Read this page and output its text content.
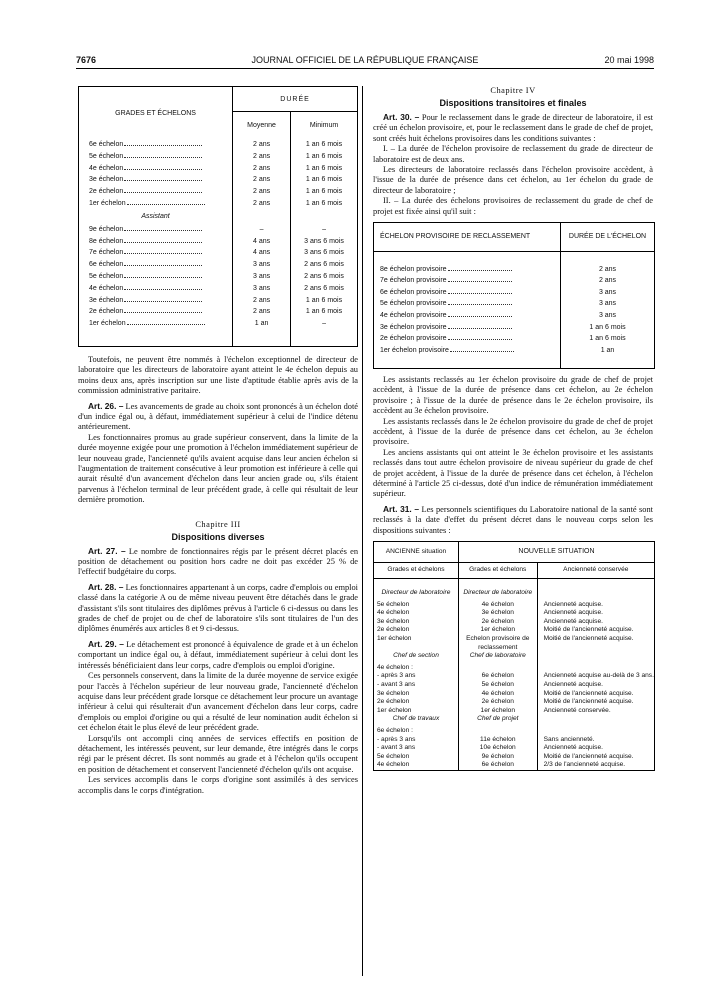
7676	JOURNAL OFFICIEL DE LA RÉPUBLIQUE FRANÇAISE	20 mai 1998
GRADES ET ÉCHELONS	DURÉE	
	Moyenne	Minimum
6e échelon	2 ans	1 an 6 mois
5e échelon	2 ans	1 an 6 mois
4e échelon	2 ans	1 an 6 mois
3e échelon	2 ans	1 an 6 mois
2e échelon	2 ans	1 an 6 mois
1er échelon	2 ans	1 an 6 mois
Assistant		
9e échelon	–	–
8e échelon	4 ans	3 ans 6 mois
7e échelon	4 ans	3 ans 6 mois
6e échelon	3 ans	2 ans 6 mois
5e échelon	3 ans	2 ans 6 mois
4e échelon	3 ans	2 ans 6 mois
3e échelon	2 ans	1 an 6 mois
2e échelon	2 ans	1 an 6 mois
1er échelon	1 an	–

Toutefois, ne peuvent être nommés à l'échelon exceptionnel de directeur de laboratoire que les directeurs de laboratoire ayant atteint le 4e échelon depuis au moins deux ans, après inscription sur une liste d'aptitude établie après avis de la commission administrative paritaire.

Art. 26. – Les avancements de grade au choix sont prononcés à un échelon doté d'un indice égal ou, à défaut, immédiatement supérieur à celui de l'indice détenu antérieurement.

Les fonctionnaires promus au grade supérieur conservent, dans la limite de la durée moyenne exigée pour une promotion à l'échelon immédiatement supérieur de leur nouveau grade, l'ancienneté qu'ils avaient acquise dans leur ancien échelon si l'augmentation de traitement consécutive à leur promotion est inférieure à celle qui aurait résulté d'un avancement d'échelon dans leur ancien grade ou, s'ils étaient parvenus à l'échelon terminal de leur précédent grade, à celle qui résultait de leur dernière promotion.

Chapitre III
Dispositions diverses

Art. 27. – Le nombre de fonctionnaires régis par le présent décret placés en position de détachement ou position hors cadre ne doit pas excéder 25 % de l'effectif budgétaire du corps.

Art. 28. – Les fonctionnaires appartenant à un corps, cadre d'emplois ou emploi classé dans la catégorie A ou de même niveau peuvent être détachés dans le grade d'assistant s'ils sont titulaires des diplômes prévus à l'article 6 ci-dessus ou dans les grades de chef de projet ou de chef de laboratoire s'ils sont titulaires de l'un des diplômes énumérés aux articles 8 et 9 ci-dessus.

Art. 29. – Le détachement est prononcé à équivalence de grade et à un échelon comportant un indice égal ou, à défaut, immédiatement supérieur à celui dont les intéressés bénéficiaient dans leur corps, cadre d'emplois ou emploi d'origine.

Ces personnels conservent, dans la limite de la durée moyenne de service exigée pour l'accès à l'échelon supérieur de leur nouveau grade, l'ancienneté d'échelon acquise dans leur précédent grade lorsque ce détachement leur procure un avantage inférieur à celui qui résulterait d'un avancement d'échelon dans leur corps, cadre d'emplois ou emploi d'origine ou qui a résulté de leur nomination audit échelon si cet échelon était le plus élevé de leur précédent grade.

Lorsqu'ils ont accompli cinq années de services effectifs en position de détachement, les intéressés peuvent, sur leur demande, être intégrés dans le corps régi par le présent décret. Ils sont nommés au grade et à l'échelon qu'ils occupent en position de détachement et conservent l'ancienneté d'échelon qu'ils ont acquise.

Les services accomplis dans le corps d'origine sont assimilés à des services accomplis dans le corps d'intégration.

Chapitre IV
Dispositions transitoires et finales

Art. 30. – Pour le reclassement dans le grade de directeur de laboratoire, il est créé un échelon provisoire, et, pour le reclassement dans le grade de chef de projet, sont créés huit échelons provisoires dans les conditions suivantes :

I. – La durée de l'échelon provisoire de reclassement du grade de directeur de laboratoire est de deux ans.

Les directeurs de laboratoire reclassés dans l'échelon provisoire accèdent, à l'issue de la durée de présence dans cet échelon, au 1er échelon du grade de directeur de laboratoire ;

II. – La durée des échelons provisoires de reclassement du grade de chef de projet est fixée ainsi qu'il suit :

ÉCHELON PROVISOIRE DE RECLASSEMENT	DURÉE DE L'ÉCHELON

8e échelon provisoire	2 ans
7e échelon provisoire	2 ans
6e échelon provisoire	3 ans
5e échelon provisoire	3 ans
4e échelon provisoire	3 ans
3e échelon provisoire	1 an 6 mois
2e échelon provisoire	1 an 6 mois
1er échelon provisoire	1 an

Les assistants reclassés au 1er échelon provisoire du grade de chef de projet accèdent, à l'issue de la durée de présence dans cet échelon, au 2e échelon provisoire ; à l'issue de la durée de présence dans le 2e échelon provisoire, ils accèdent au 3e échelon provisoire.

Les assistants reclassés dans le 2e échelon provisoire du grade de chef de projet accèdent, à l'issue de la durée de présence dans cet échelon, au 3e échelon provisoire.

Les anciens assistants qui ont atteint le 3e échelon provisoire et les assistants reclassés dans tout autre échelon provisoire de niveau supérieur du grade de chef de projet accèdent, à l'issue de la durée de présence dans cet échelon, à l'échelon déterminé à l'article 25 ci-dessus, doté d'un indice de rémunération immédiatement supérieur.

Art. 31. – Les personnels scientifiques du Laboratoire national de la santé sont reclassés à la date d'effet du présent décret dans le nouveau corps selon les dispositions suivantes :

ANCIENNE situation	NOUVELLE SITUATION	
Grades et échelons	Grades et échelons	Ancienneté conservée

Directeur de laboratoire	Directeur de laboratoire	
5e échelon	4e échelon	Ancienneté acquise.
4e échelon	3e échelon	Ancienneté acquise.
3e échelon	2e échelon	Ancienneté acquise.
2e échelon	1er échelon	Moitié de l'ancienneté acquise.
1er échelon	Echelon provisoire de reclassement	Moitié de l'ancienneté acquise.
Chef de section	Chef de laboratoire	
4e échelon :		
- après 3 ans	6e échelon	Ancienneté acquise au-delà de 3 ans.
- avant 3 ans	5e échelon	Ancienneté acquise.
3e échelon	4e échelon	Moitié de l'ancienneté acquise.
2e échelon	2e échelon	Moitié de l'ancienneté acquise.
1er échelon	1er échelon	Ancienneté conservée.
Chef de travaux	Chef de projet	
6e échelon :		
- après 3 ans	11e échelon	Sans ancienneté.
- avant 3 ans	10e échelon	Ancienneté acquise.
5e échelon	9e échelon	Moitié de l'ancienneté acquise.
4e échelon	6e échelon	2/3 de l'ancienneté acquise.
